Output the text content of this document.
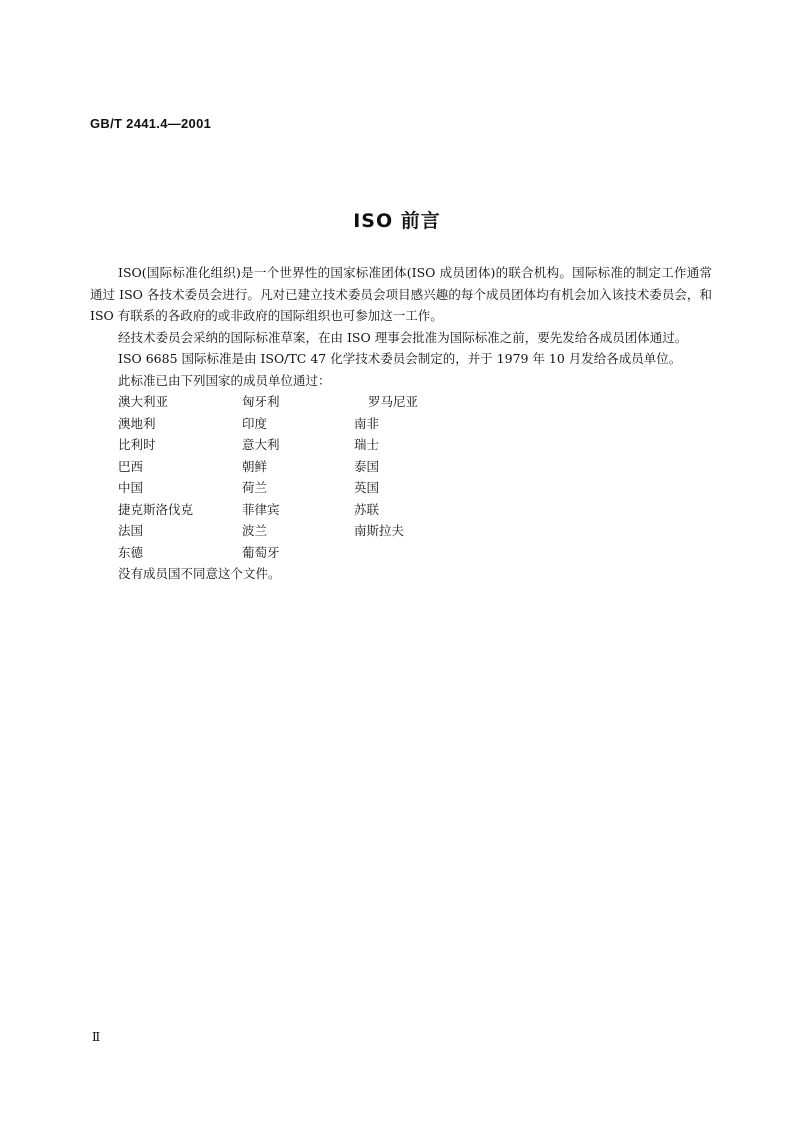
GB/T 2441.4—2001
ISO 前言

ISO(国际标准化组织)是一个世界性的国家标准团体(ISO 成员团体)的联合机构。国际标准的制定工作通常通过 ISO 各技术委员会进行。凡对已建立技术委员会项目感兴趣的每个成员团体均有机会加入该技术委员会，和 ISO 有联系的各政府的或非政府的国际组织也可参加这一工作。

经技术委员会采纳的国际标准草案，在由 ISO 理事会批准为国际标准之前，要先发给各成员团体通过。

ISO 6685 国际标准是由 ISO/TC 47 化学技术委员会制定的，并于 1979 年 10 月发给各成员单位。

此标准已由下列国家的成员单位通过：

澳大利亚	匈牙利	罗马尼亚
澳地利	印度	南非
比利时	意大利	瑞士
巴西	朝鲜	泰国
中国	荷兰	英国
捷克斯洛伐克	菲律宾	苏联
法国	波兰	南斯拉夫
东德	葡萄牙	

没有成员国不同意这个文件。

Ⅱ
